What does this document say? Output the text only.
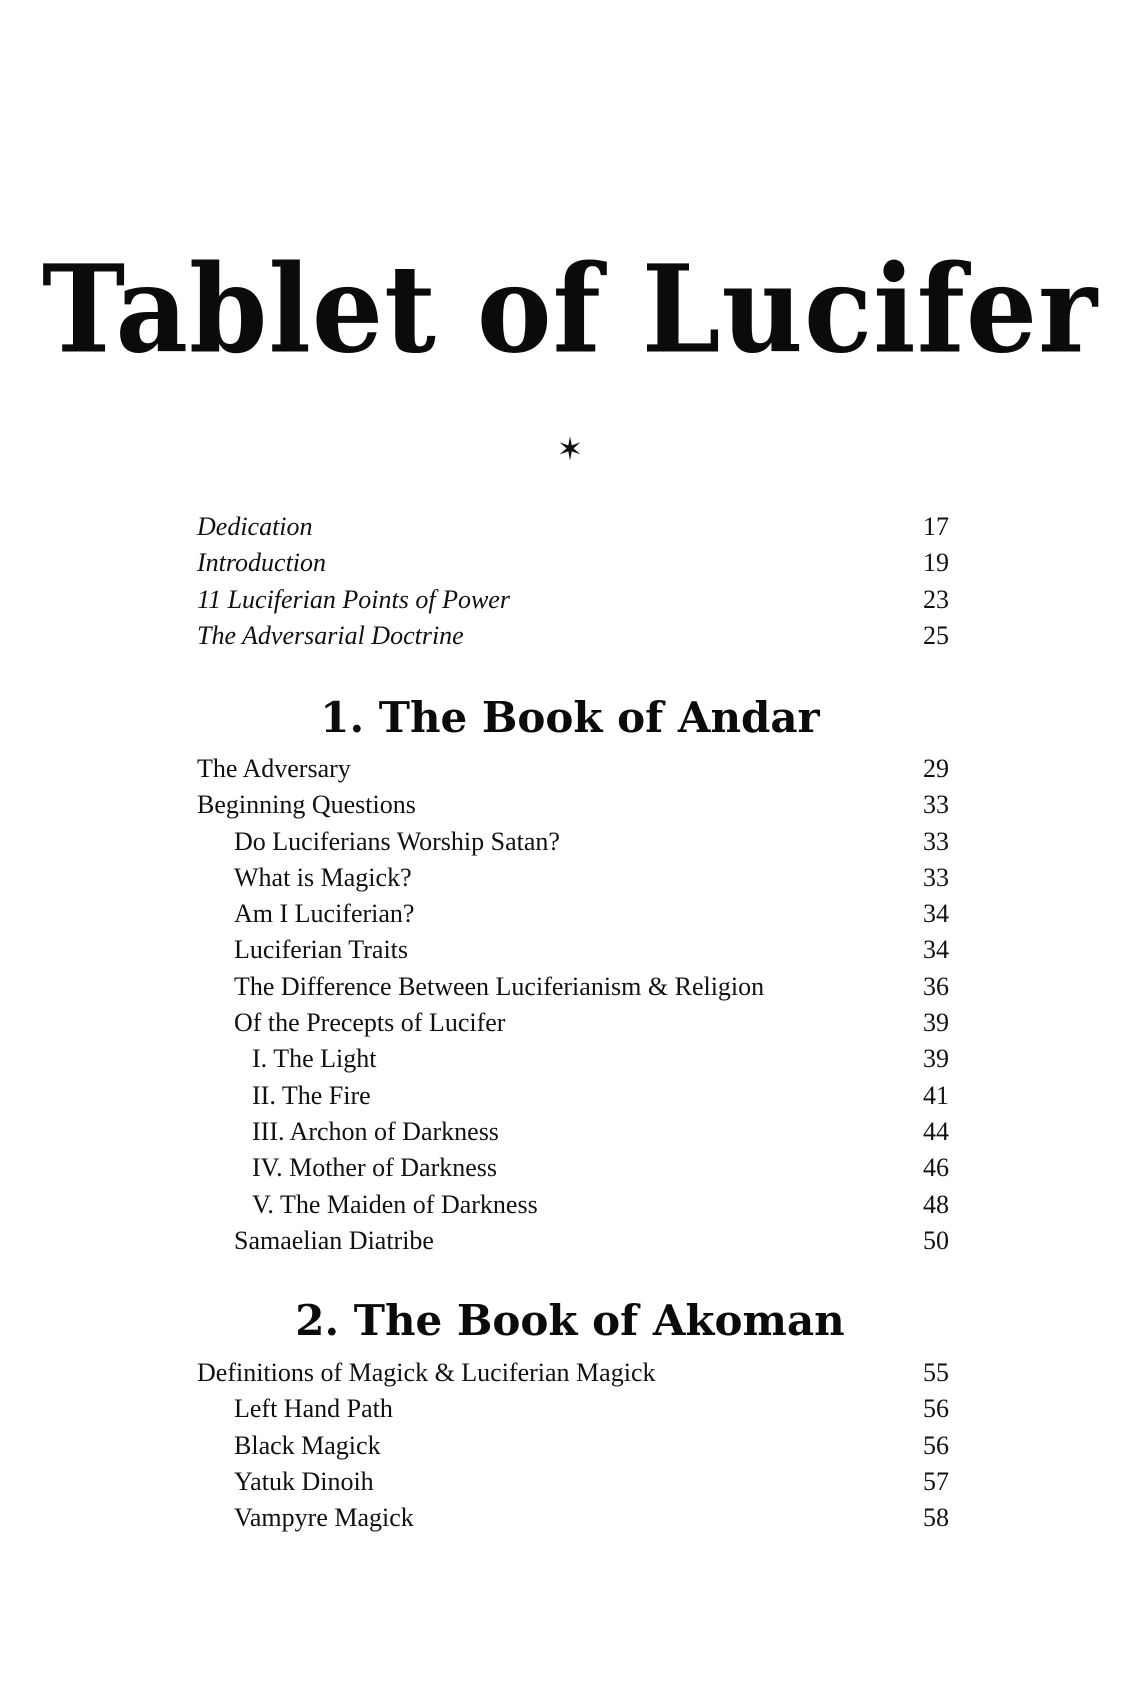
Tablet of Lucifer
✶
Dedication	17
Introduction	19
11 Luciferian Points of Power	23
The Adversarial Doctrine	25
1. The Book of Andar
The Adversary	29
Beginning Questions	33
Do Luciferians Worship Satan?	33
What is Magick?	33
Am I Luciferian?	34
Luciferian Traits	34
The Difference Between Luciferianism & Religion	36
Of the Precepts of Lucifer	39
I. The Light	39
II. The Fire	41
III. Archon of Darkness	44
IV. Mother of Darkness	46
V. The Maiden of Darkness	48
Samaelian Diatribe	50
2. The Book of Akoman
Definitions of Magick & Luciferian Magick	55
Left Hand Path	56
Black Magick	56
Yatuk Dinoih	57
Vampyre Magick	58
